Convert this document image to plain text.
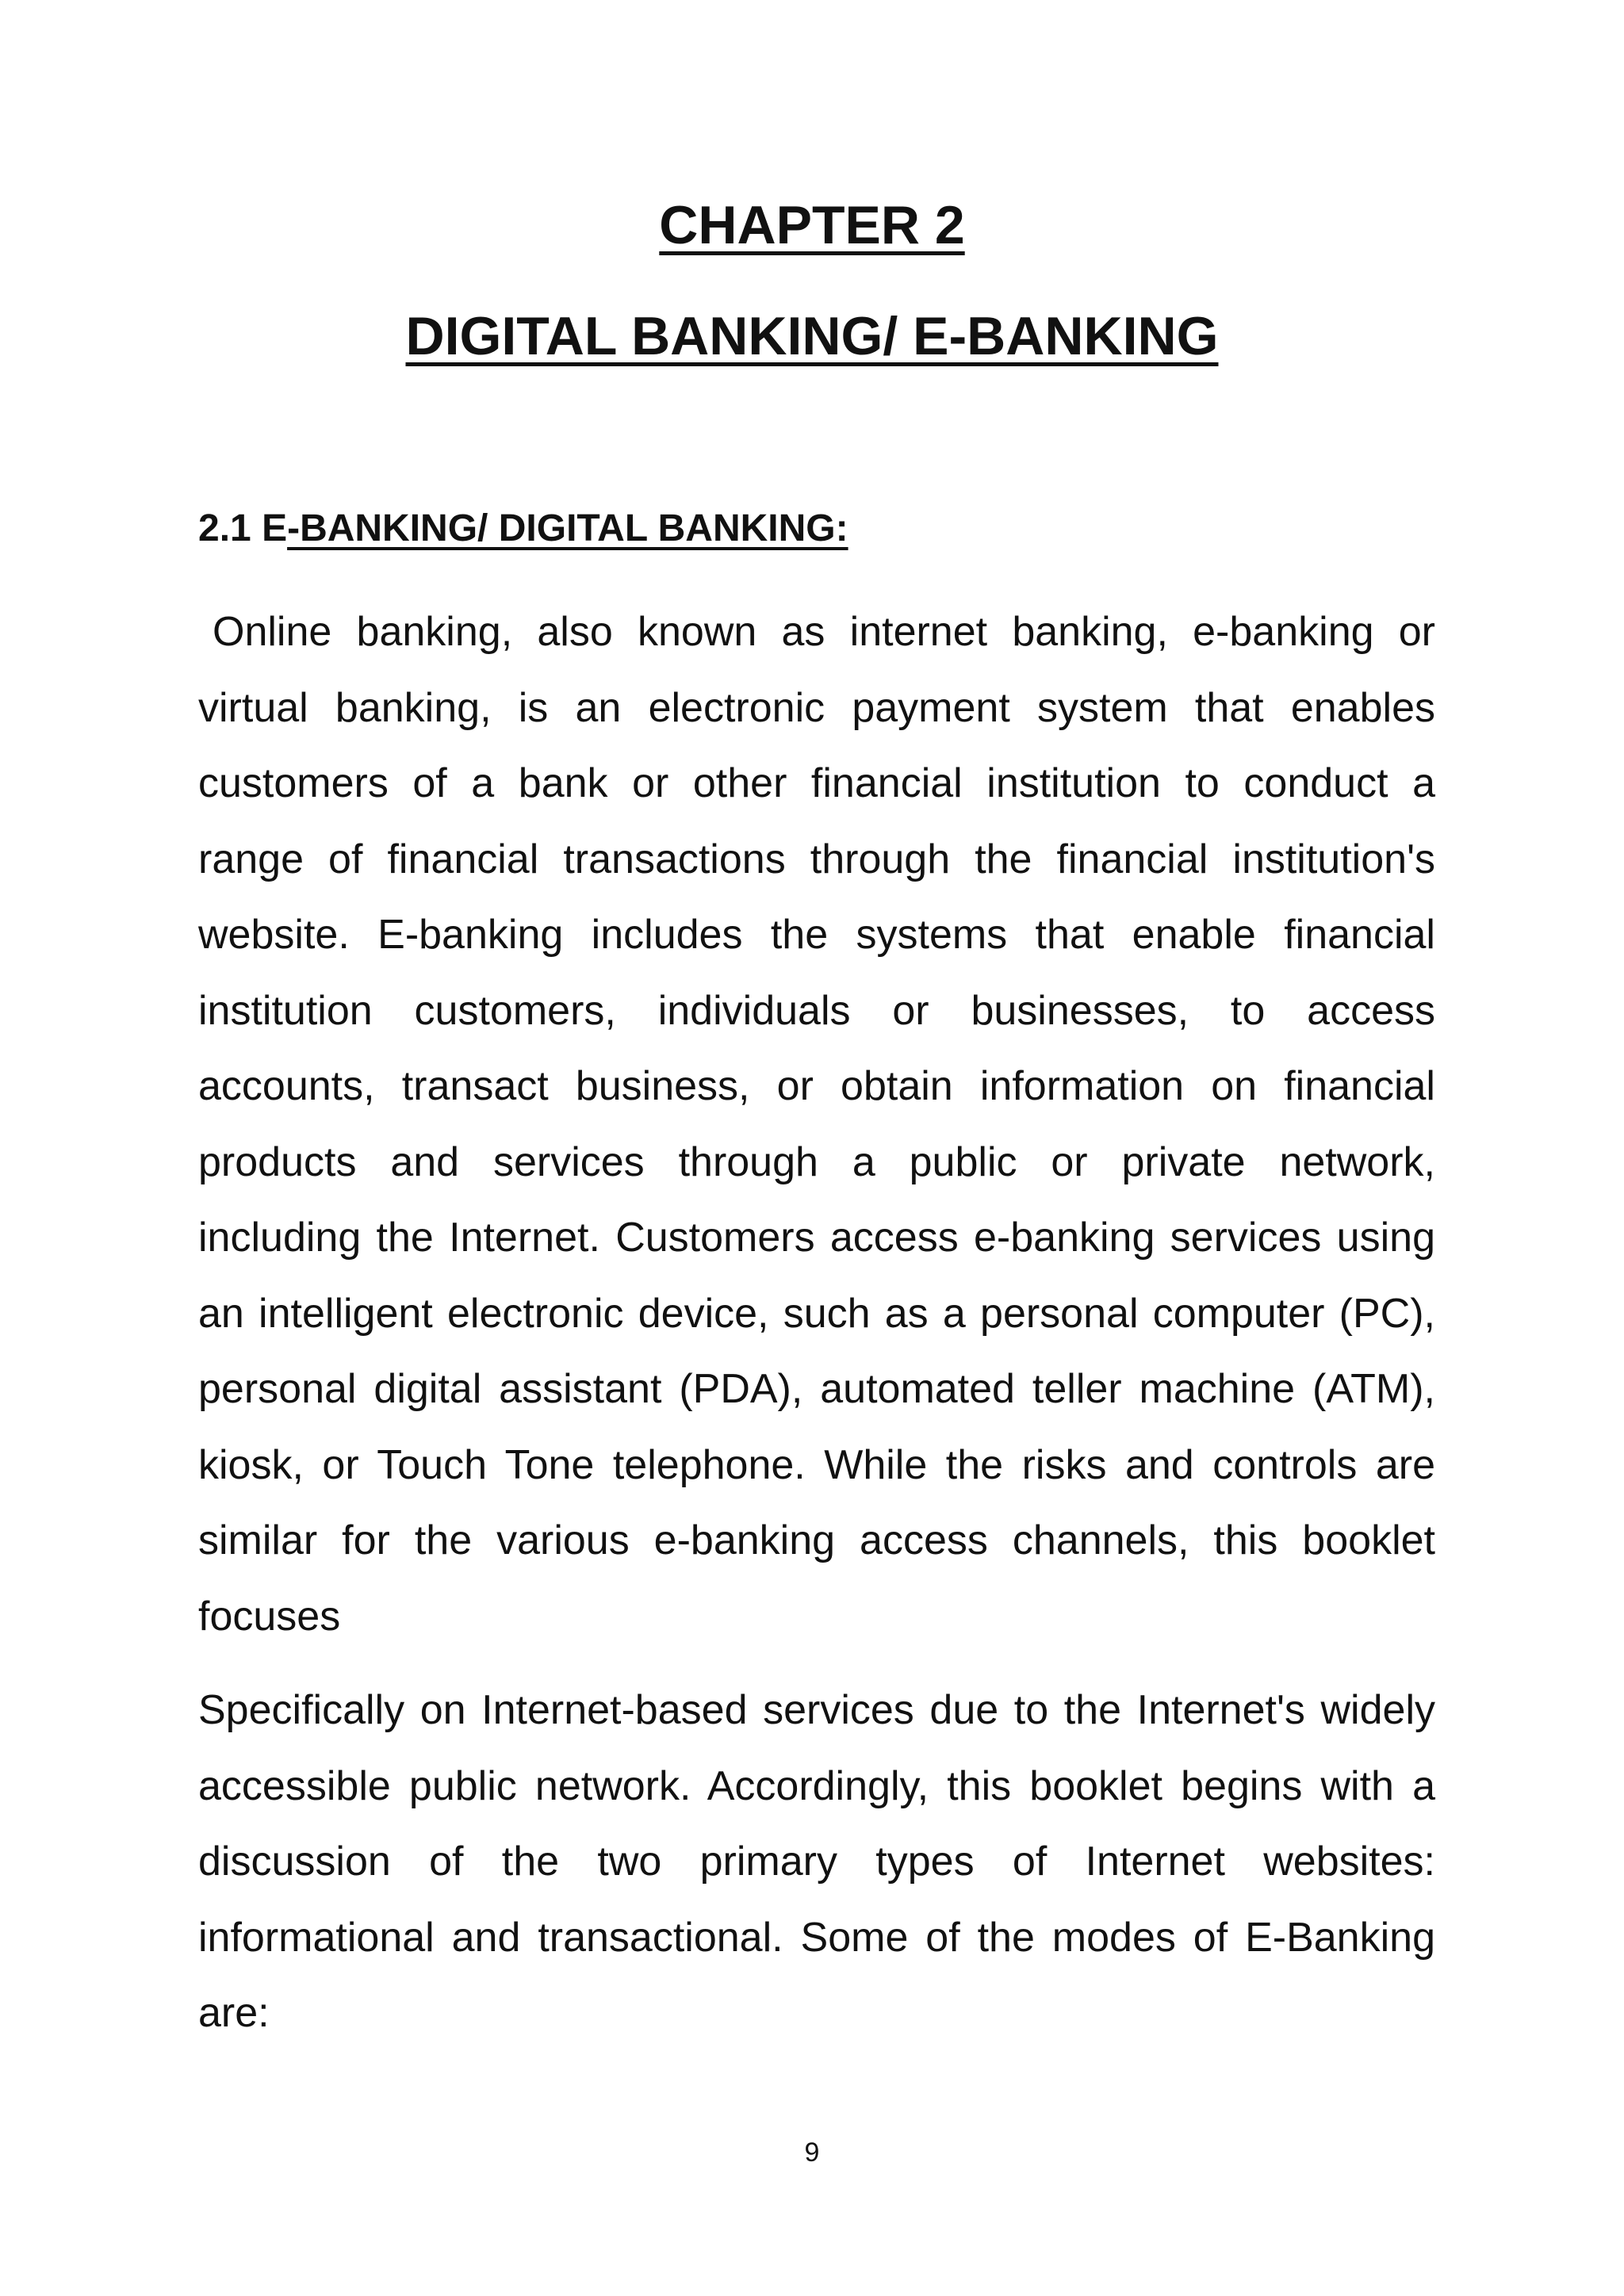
CHAPTER 2
DIGITAL BANKING/ E-BANKING
2.1 E-BANKING/ DIGITAL BANKING:

Online banking, also known as internet banking, e-banking or virtual banking, is an electronic payment system that enables customers of a bank or other financial institution to conduct a range of financial transactions through the financial institution's website. E-banking includes the systems that enable financial institution customers, individuals or businesses, to access accounts, transact business, or obtain information on financial products and services through a public or private network, including the Internet. Customers access e-banking services using an intelligent electronic device, such as a personal computer (PC), personal digital assistant (PDA), automated teller machine (ATM), kiosk, or Touch Tone telephone. While the risks and controls are similar for the various e-banking access channels, this booklet focuses

Specifically on Internet-based services due to the Internet's widely accessible public network. Accordingly, this booklet begins with a discussion of the two primary types of Internet websites: informational and transactional. Some of the modes of E-Banking are:

9
